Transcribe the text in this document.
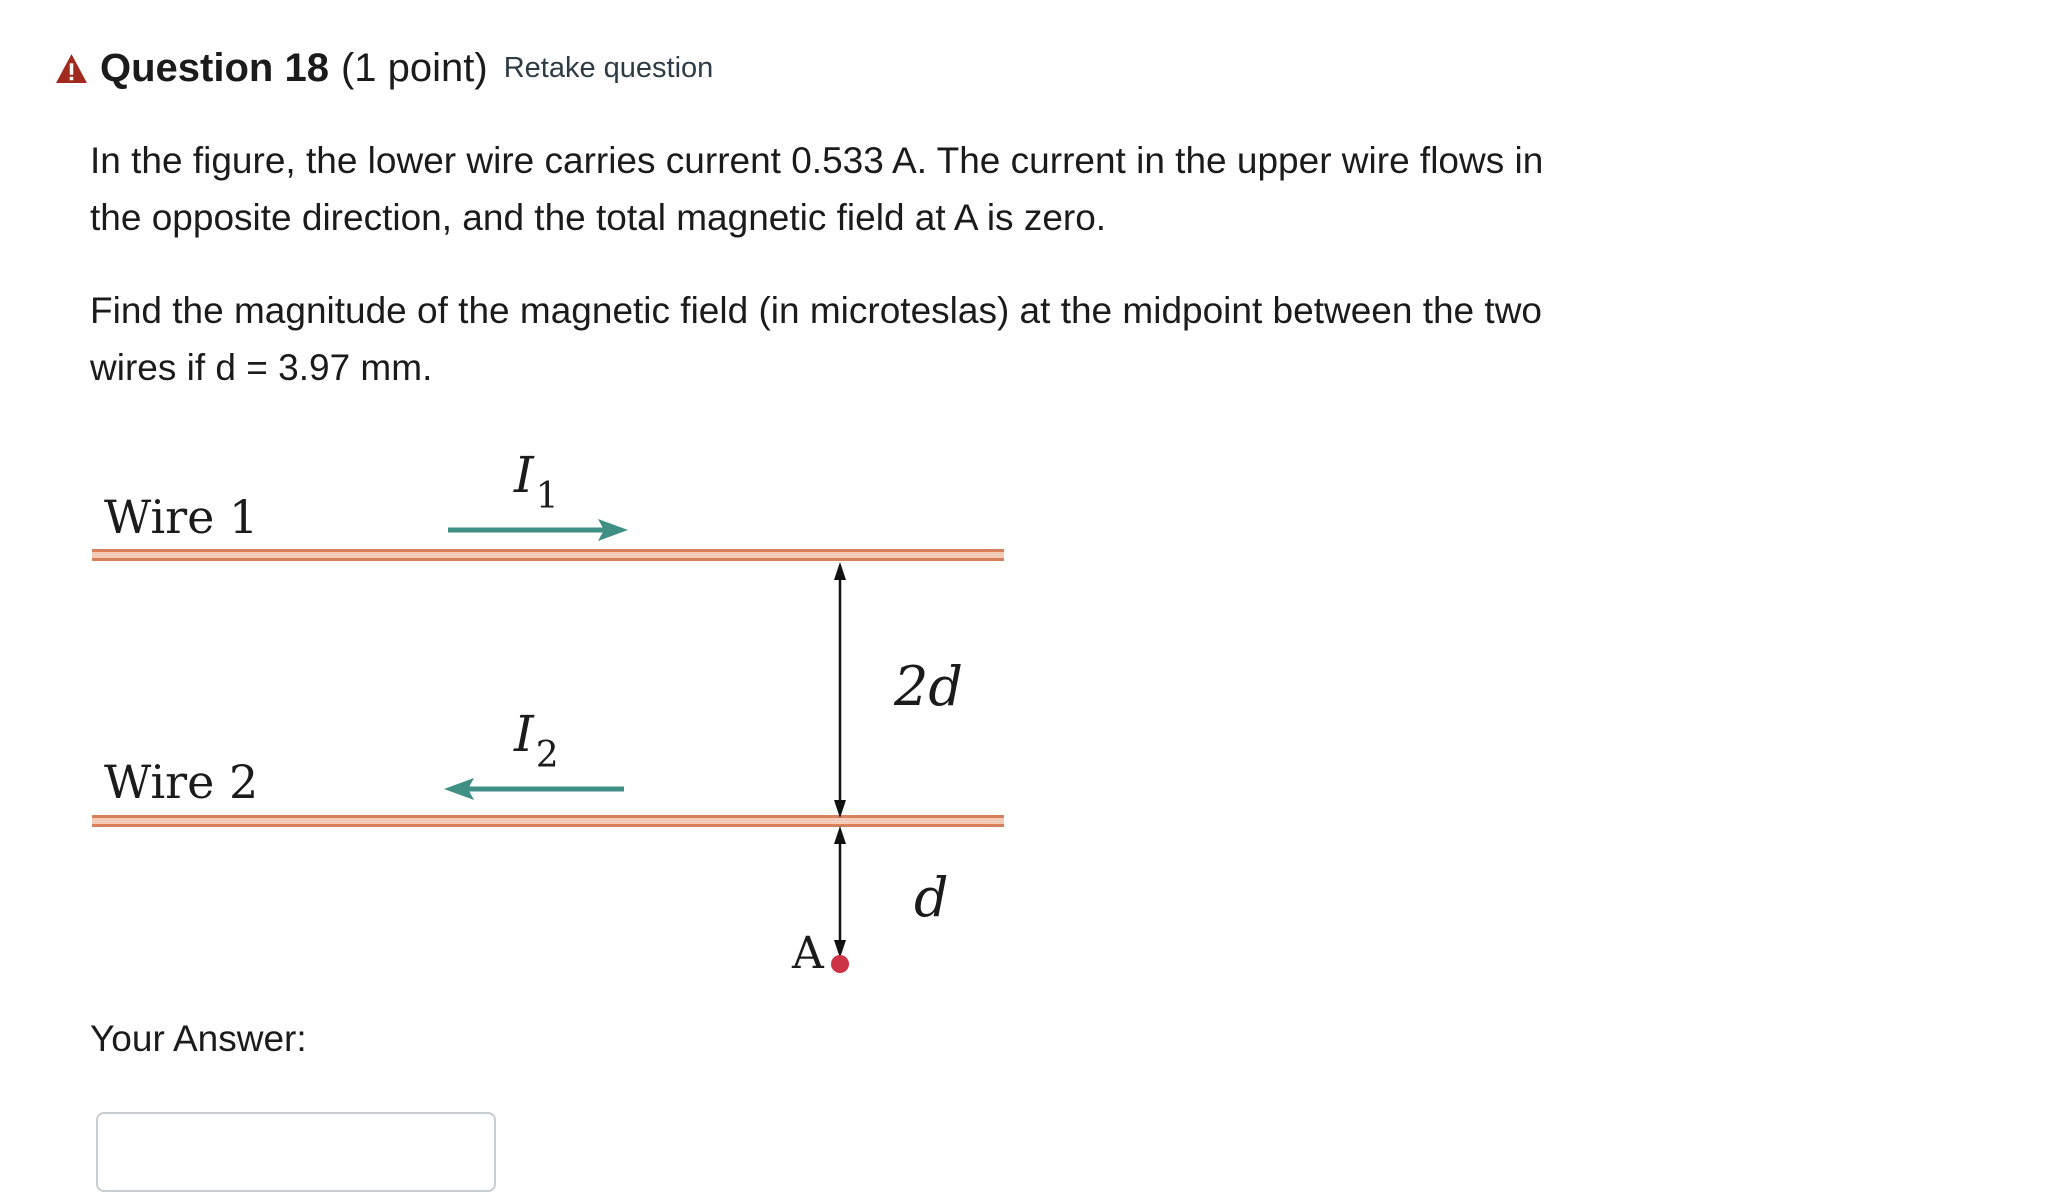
Question 18 (1 point) Retake question

In the figure, the lower wire carries current 0.533 A. The current in the upper wire flows in the opposite direction, and the total magnetic field at A is zero.

Find the magnitude of the magnetic field (in microteslas) at the midpoint between the two wires if d = 3.97 mm.

Wire 1
Wire 2
$I_1$
$I_2$
2d
d
A
Your Answer:
